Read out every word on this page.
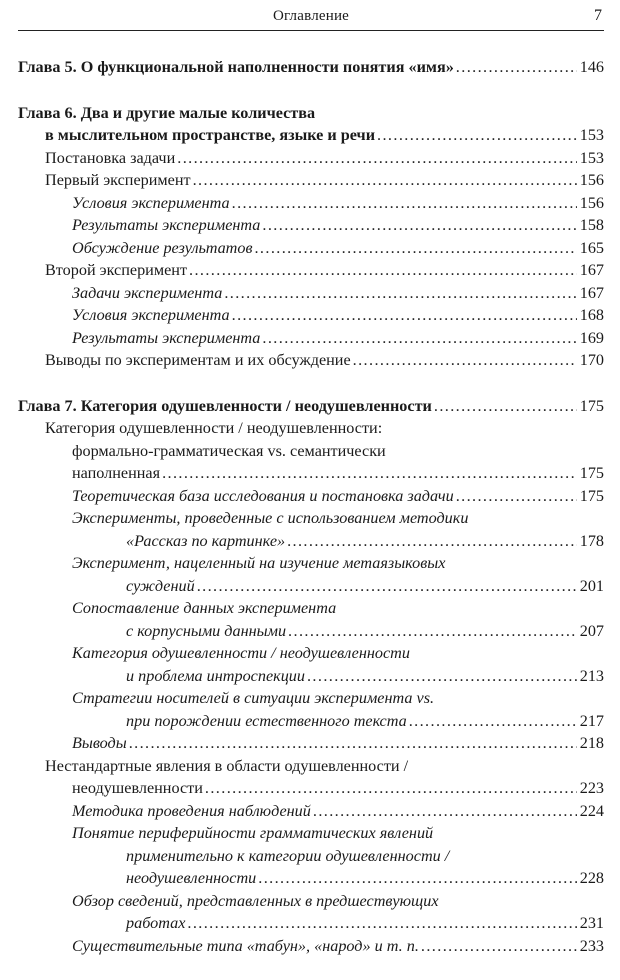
Оглавление	7
Глава 5. О функциональной наполненности понятия «имя» .....	146
Глава 6. Два и другие малые количества
в мыслительном пространстве, языке и речи .....	153
Постановка задачи .....	153
Первый эксперимент .....	156
Условия эксперимента .....	156
Результаты эксперимента .....	158
Обсуждение результатов .....	165
Второй эксперимент .....	167
Задачи эксперимента .....	167
Условия эксперимента .....	168
Результаты эксперимента .....	169
Выводы по экспериментам и их обсуждение .....	170
Глава 7. Категория одушевленности / неодушевленности .....	175
Категория одушевленности / неодушевленности:
формально-грамматическая vs. семантически
наполненная .....	175
Теоретическая база исследования и постановка задачи .....	175
Эксперименты, проведенные с использованием методики
«Рассказ по картинке» .....	178
Эксперимент, нацеленный на изучение метаязыковых
суждений .....	201
Сопоставление данных эксперимента
с корпусными данными .....	207
Категория одушевленности / неодушевленности
и проблема интроспекции .....	213
Стратегии носителей в ситуации эксперимента vs.
при порождении естественного текста .....	217
Выводы .....	218
Нестандартные явления в области одушевленности /
неодушевленности .....	223
Методика проведения наблюдений .....	224
Понятие периферийности грамматических явлений
применительно к категории одушевленности /
неодушевленности .....	228
Обзор сведений, представленных в предшествующих
работах .....	231
Существительные типа «табун», «народ» и т. п. .....	233
